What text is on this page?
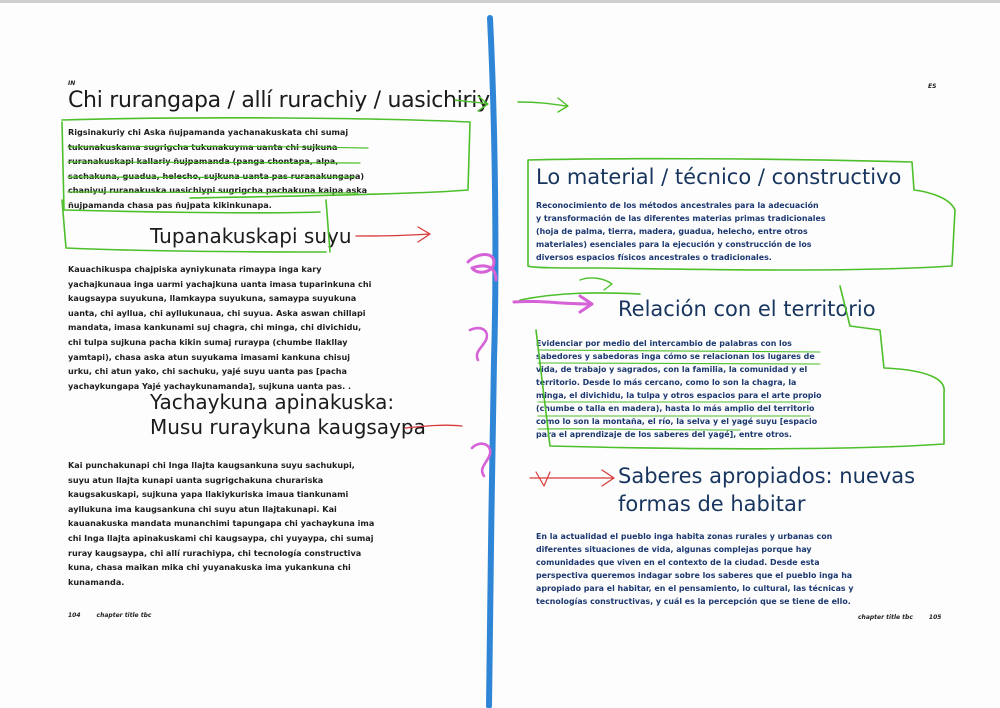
IN
Chi rurangapa / allí rurachiy / uasichiriy

Rigsinakuriy chi Aska ñujpamanda yachanakuskata chi sumaj tukunakuskama sugrigcha tukunakuyma uanta chi sujkuna ruranakuskapi kallariy ñujpamanda (panga chontapa, alpa, sachakuna, guadua, helecho, sujkuna uanta pas ruranakungapa) chaniyuj ruranakuska uasichiypi sugrigcha pachakuna kaipa aska ñujpamanda chasa pas ñujpata kikinkunapa.

Tupanakuskapi suyu

Kauachikuspa chajpiska ayniykunata rimaypa inga kary yachajkunaua inga uarmi yachajkuna uanta imasa tuparinkuna chi kaugsaypa suyukuna, llamkaypa suyukuna, samaypa suyukuna uanta, chi ayllua, chi ayllukunaua, chi suyua. Aska aswan chillapi mandata, imasa kankunami suj chagra, chi minga, chi divichidu, chi tulpa sujkuna pacha kikin sumaj ruraypa (chumbe llakllay yamtapi), chasa aska atun suyukama imasami kankuna chisuj urku, chi atun yako, chi sachuku, yajé suyu uanta pas [pacha yachaykungapa Yajé yachaykunamanda], sujkuna uanta pas. .

Yachaykuna apinakuska:
Musu ruraykuna kaugsaypa

Kai punchakunapi chi Inga llajta kaugsankuna suyu sachukupi, suyu atun llajta kunapi uanta sugrigchakuna churariska kaugsakuskapi, sujkuna yapa llakiykuriska imaua tiankunami ayllukuna ima kaugsankuna chi suyu atun llajtakunapi. Kai kauanakuska mandata munanchimi tapungapa chi yachaykuna ima chi Inga llajta apinakuskami chi kaugsaypa, chi yuyaypa, chi sumaj ruray kaugsaypa, chi allí rurachiypa, chi tecnología constructiva kuna, chasa maikan mika chi yuyanakuska ima yukankuna chi kunamanda.

104	chapter title tbc
ES
Lo material / técnico / constructivo

Reconocimiento de los métodos ancestrales para la adecuación y transformación de las diferentes materias primas tradicionales (hoja de palma, tierra, madera, guadua, helecho, entre otros materiales) esenciales para la ejecución y construcción de los diversos espacios físicos ancestrales o tradicionales.

Relación con el territorio

Evidenciar por medio del intercambio de palabras con los sabedores y sabedoras inga cómo se relacionan los lugares de vida, de trabajo y sagrados, con la familia, la comunidad y el territorio. Desde lo más cercano, como lo son la chagra, la minga, el divichidu, la tulpa y otros espacios para el arte propio (chumbe o talla en madera), hasta lo más amplio del territorio como lo son la montaña, el río, la selva y el yagé suyu [espacio para el aprendizaje de los saberes del yagé], entre otros.

Saberes apropiados: nuevas
formas de habitar

En la actualidad el pueblo inga habita zonas rurales y urbanas con diferentes situaciones de vida, algunas complejas porque hay comunidades que viven en el contexto de la ciudad. Desde esta perspectiva queremos indagar sobre los saberes que el pueblo inga ha apropiado para el habitar, en el pensamiento, lo cultural, las técnicas y tecnologías constructivas, y cuál es la percepción que se tiene de ello.

chapter title tbc	105
